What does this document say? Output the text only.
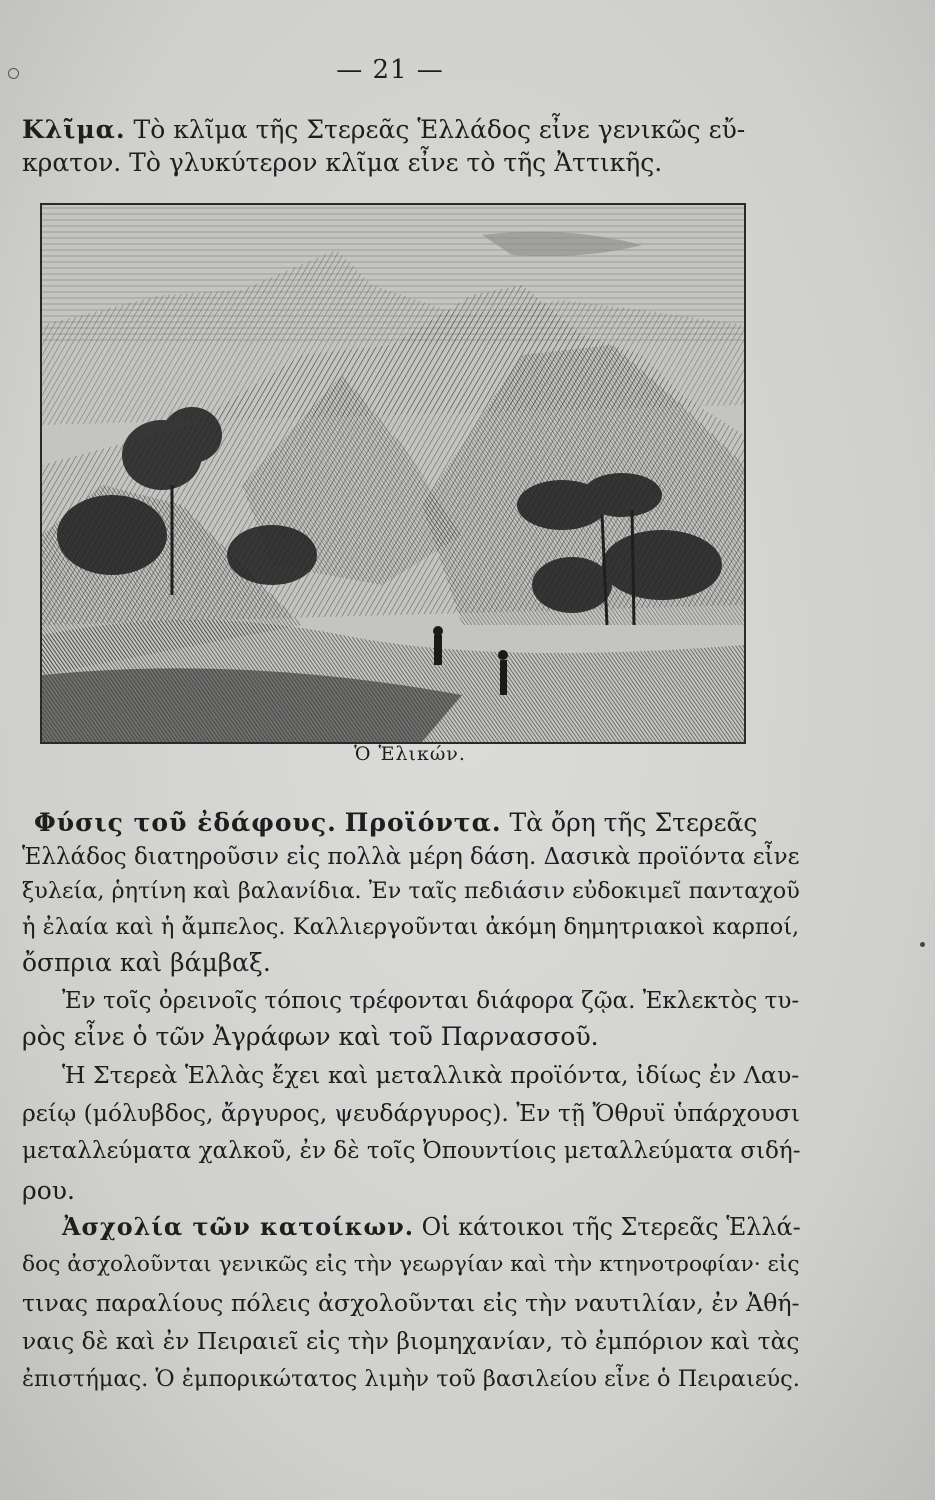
— 21 —
Κλῖμα. Τὸ κλῖμα τῆς Στερεᾶς Ἑλλάδος εἶνε γενικῶς εὔ-
κρατον. Τὸ γλυκύτερον κλῖμα εἶνε τὸ τῆς Ἀττικῆς.
Ὁ Ἑλικών.
Φύσις τοῦ ἐδάφους. Προϊόντα. Τὰ ὄρη τῆς Στερεᾶς
Ἑλλάδος διατηροῦσιν εἰς πολλὰ μέρη δάση. Δασικὰ προϊόντα εἶνε
ξυλεία, ῥητίνη καὶ βαλανίδια. Ἐν ταῖς πεδιάσιν εὐδοκιμεῖ πανταχοῦ
ἡ ἐλαία καὶ ἡ ἄμπελος. Καλλιεργοῦνται ἀκόμη δημητριακοὶ καρποί,
ὄσπρια καὶ βάμβαξ.
Ἐν τοῖς ὀρεινοῖς τόποις τρέφονται διάφορα ζῷα. Ἐκλεκτὸς τυ-
ρὸς εἶνε ὁ τῶν Ἀγράφων καὶ τοῦ Παρνασσοῦ.
Ἡ Στερεὰ Ἑλλὰς ἔχει καὶ μεταλλικὰ προϊόντα, ἰδίως ἐν Λαυ-
ρείῳ (μόλυβδος, ἄργυρος, ψευδάργυρος). Ἐν τῇ Ὄθρυϊ ὑπάρχουσι
μεταλλεύματα χαλκοῦ, ἐν δὲ τοῖς Ὀπουντίοις μεταλλεύματα σιδή-
ρου.
Ἀσχολία τῶν κατοίκων. Οἱ κάτοικοι τῆς Στερεᾶς Ἑλλά-
δος ἀσχολοῦνται γενικῶς εἰς τὴν γεωργίαν καὶ τὴν κτηνοτροφίαν· εἰς
τινας παραλίους πόλεις ἀσχολοῦνται εἰς τὴν ναυτιλίαν, ἐν Ἀθή-
ναις δὲ καὶ ἐν Πειραιεῖ εἰς τὴν βιομηχανίαν, τὸ ἐμπόριον καὶ τὰς
ἐπιστήμας. Ὁ ἐμπορικώτατος λιμὴν τοῦ βασιλείου εἶνε ὁ Πειραιεύς.
